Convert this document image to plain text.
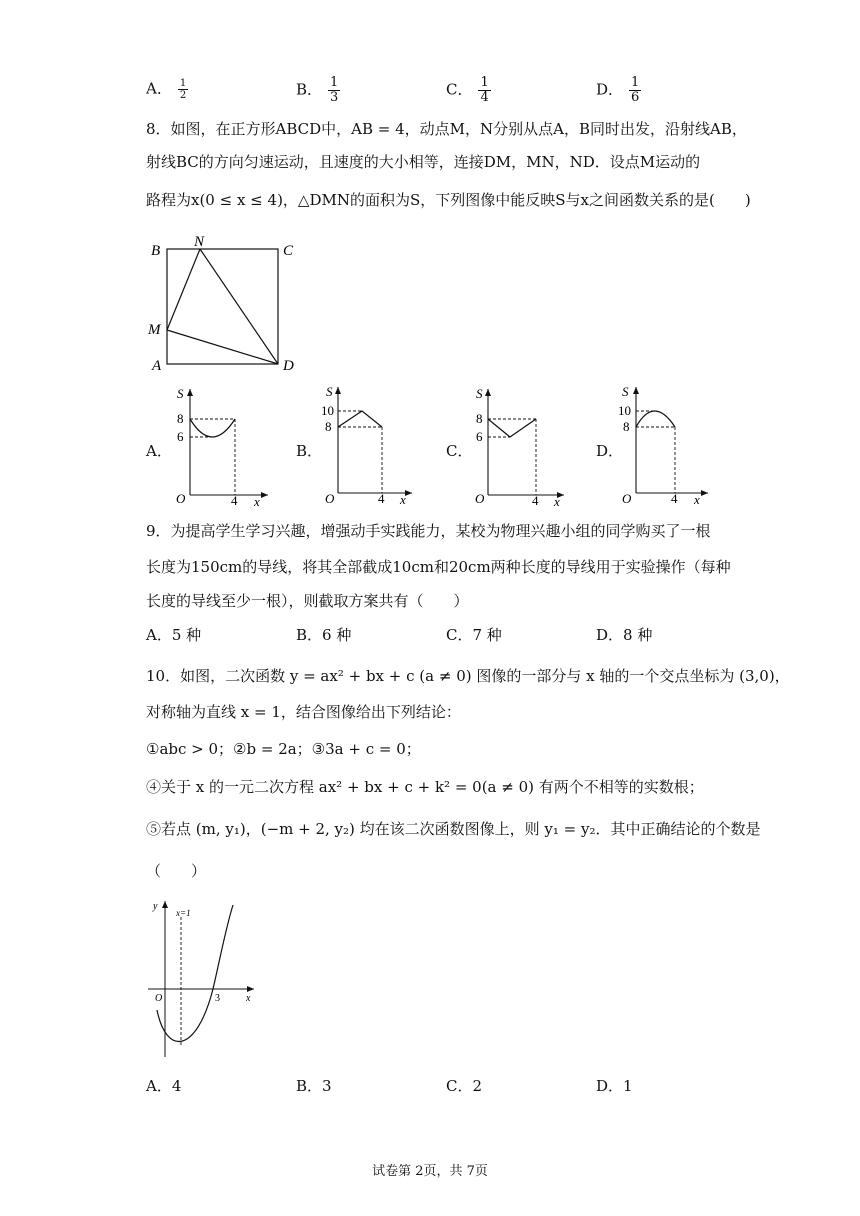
A． $\frac{1}{2}$	B． $\frac{1}{3}$	C． $\frac{1}{4}$	D． $\frac{1}{6}$
8．如图，在正方形ABCD中，AB = 4，动点M，N分别从点A，B同时出发，沿射线AB，
射线BC的方向匀速运动，且速度的大小相等，连接DM，MN，ND．设点M运动的
路程为x(0 ≤ x ≤ 4)，△DMN的面积为S，下列图像中能反映S与x之间函数关系的是(　　)
B
N
C
M
A	D
A．
S
8
6
O	4 x
B．
S
10
8
O	4 x
C．
S
8
6
O	4 x
D．
S
10
8
O	4 x
9．为提高学生学习兴趣，增强动手实践能力，某校为物理兴趣小组的同学购买了一根
长度为150cm的导线，将其全部截成10cm和20cm两种长度的导线用于实验操作（每种
长度的导线至少一根），则截取方案共有（　　）
A．5 种	B．6 种	C．7 种	D．8 种
10．如图，二次函数 y = ax² + bx + c (a ≠ 0) 图像的一部分与 x 轴的一个交点坐标为 (3,0)，
对称轴为直线 x = 1，结合图像给出下列结论：
①abc > 0；②b = 2a；③3a + c = 0；
④关于 x 的一元二次方程 ax² + bx + c + k² = 0(a ≠ 0) 有两个不相等的实数根；
⑤若点 (m, y₁)，(−m + 2, y₂) 均在该二次函数图像上，则 y₁ = y₂．其中正确结论的个数是
（　　）
y
x=1
O	3	x
A．4	B．3	C．2	D．1
试卷第 2页，共 7页
